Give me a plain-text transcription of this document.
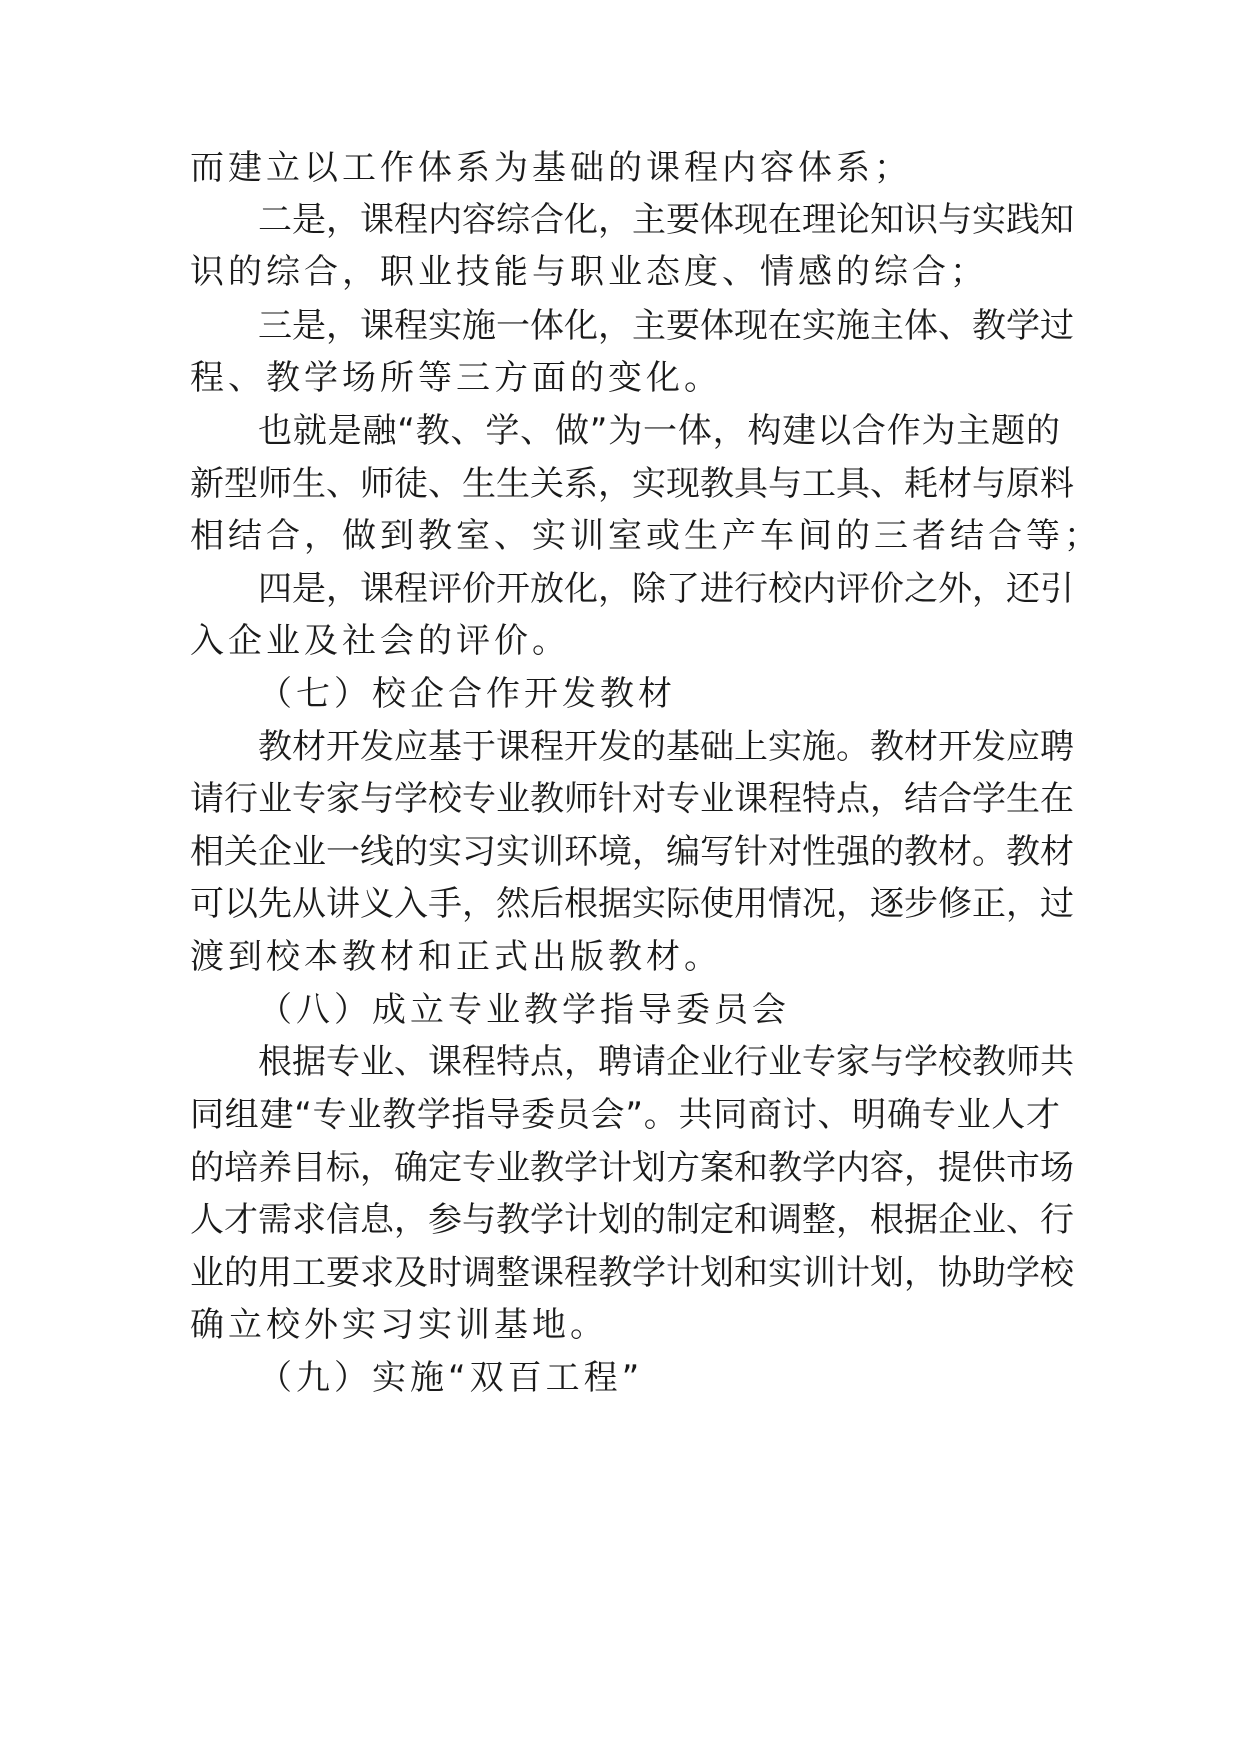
而建立以工作体系为基础的课程内容体系；
二是，课程内容综合化，主要体现在理论知识与实践知
识的综合，职业技能与职业态度、情感的综合；
三是，课程实施一体化，主要体现在实施主体、教学过
程、教学场所等三方面的变化。
也就是融“教、学、做”为一体，构建以合作为主题的
新型师生、师徒、生生关系，实现教具与工具、耗材与原料
相结合，做到教室、实训室或生产车间的三者结合等；
四是，课程评价开放化，除了进行校内评价之外，还引
入企业及社会的评价。
（七）校企合作开发教材
教材开发应基于课程开发的基础上实施。教材开发应聘
请行业专家与学校专业教师针对专业课程特点，结合学生在
相关企业一线的实习实训环境，编写针对性强的教材。教材
可以先从讲义入手，然后根据实际使用情况，逐步修正，过
渡到校本教材和正式出版教材。
（八）成立专业教学指导委员会
根据专业、课程特点，聘请企业行业专家与学校教师共
同组建“专业教学指导委员会”。共同商讨、明确专业人才
的培养目标，确定专业教学计划方案和教学内容，提供市场
人才需求信息，参与教学计划的制定和调整，根据企业、行
业的用工要求及时调整课程教学计划和实训计划，协助学校
确立校外实习实训基地。
（九）实施“双百工程”
